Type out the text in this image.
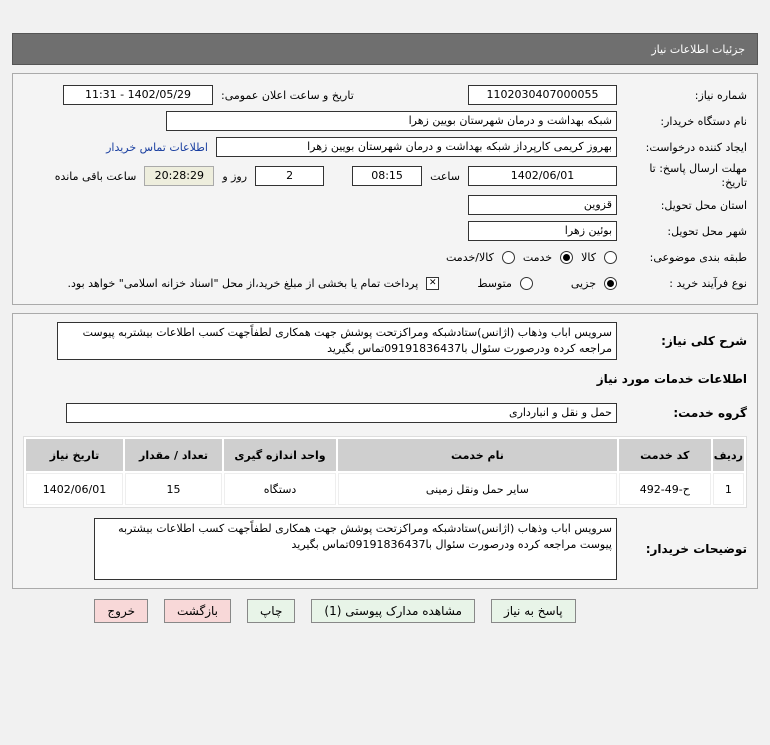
جزئیات اطلاعات نیاز
شماره نیاز:
1102030407000055
تاریخ و ساعت اعلان عمومی:
1402/05/29 - 11:31
نام دستگاه خریدار:
شبکه بهداشت و درمان شهرستان بویین زهرا
ایجاد کننده درخواست:
بهروز کریمی کارپرداز شبکه بهداشت و درمان شهرستان بویین زهرا
اطلاعات تماس خریدار
مهلت ارسال پاسخ: تا تاریخ:
1402/06/01
ساعت
08:15
2
روز و
20:28:29
ساعت باقی مانده
استان محل تحویل:
قزوین
شهر محل تحویل:
بوئین زهرا
طبقه بندی موضوعی:
کالا
خدمت
کالا/خدمت
نوع فرآیند خرید :
جزیی
متوسط
✕
پرداخت تمام یا بخشی از مبلغ خرید،از محل "اسناد خزانه اسلامی" خواهد بود.
شرح کلی نیاز:
سرویس اباب وذهاب (اژانس)ستادشبکه ومراکزتحت پوشش جهت همکاری لطفاًجهت کسب اطلاعات بیشتربه پیوست مراجعه کرده ودرصورت سئوال با09191836437تماس بگیرید
اطلاعات خدمات مورد نیاز
گروه خدمت:
حمل و نقل و انبارداری
ردیف	کد خدمت	نام خدمت	واحد اندازه گیری	تعداد / مقدار	تاریخ نیاز
1	ح-49-492	سایر حمل ونقل زمینی	دستگاه	15	1402/06/01
توضیحات خریدار:
سرویس اباب وذهاب (اژانس)ستادشبکه ومراکزتحت پوشش جهت همکاری لطفاًجهت کسب اطلاعات بیشتربه پیوست مراجعه کرده ودرصورت سئوال با09191836437تماس بگیرید
پاسخ به نیاز
مشاهده مدارک پیوستی (1)
چاپ
بازگشت
خروج
